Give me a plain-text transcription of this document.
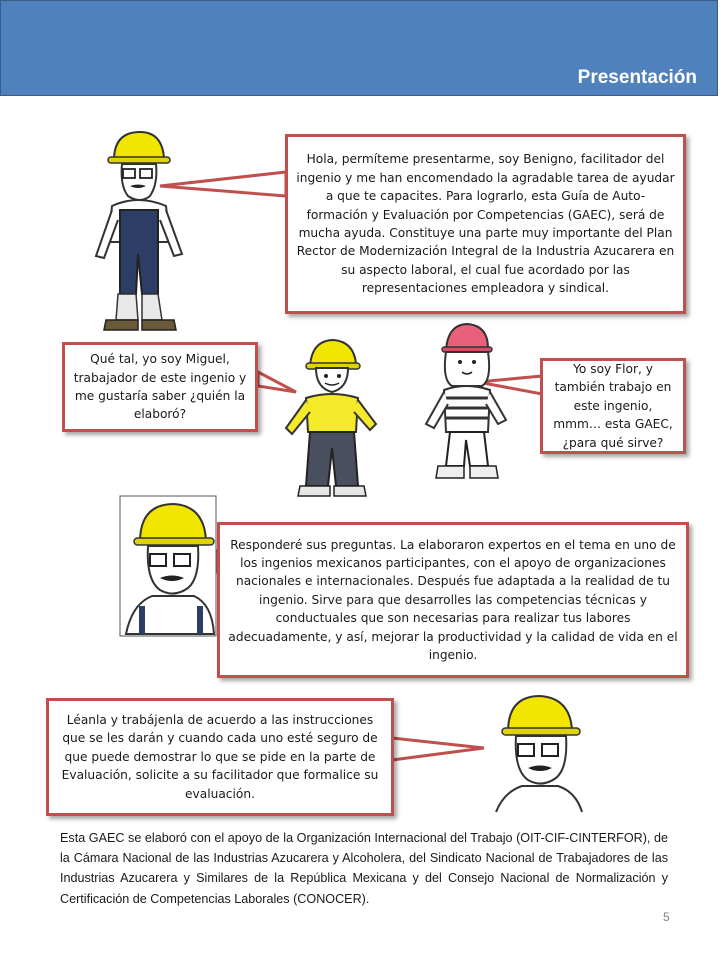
Presentación
Hola, permíteme presentarme, soy Benigno, facilitador del ingenio y me han encomendado la agradable tarea de ayudar a que te capacites. Para lograrlo, esta Guía de Auto-formación y Evaluación por Competencias (GAEC), será de mucha ayuda. Constituye una parte muy importante del Plan Rector de Modernización Integral de la Industria Azucarera en su aspecto laboral, el cual fue acordado por las representaciones empleadora y sindical.
Qué tal, yo soy Miguel, trabajador de este ingenio y me gustaría saber ¿quién la elaboró?
Yo soy Flor, y también trabajo en este ingenio, mmm… esta GAEC, ¿para qué sirve?
Responderé sus preguntas. La elaboraron expertos en el tema en uno de los ingenios mexicanos participantes, con el apoyo de organizaciones nacionales e internacionales. Después fue adaptada a la realidad de tu ingenio. Sirve para que desarrolles las competencias técnicas y conductuales que son necesarias para realizar tus labores adecuadamente, y así, mejorar la productividad y la calidad de vida en el ingenio.
Léanla y trabájenla de acuerdo a las instrucciones que se les darán y cuando cada uno esté seguro de que puede demostrar lo que se pide en la parte de Evaluación, solicite a su facilitador que formalice su evaluación.
Esta GAEC se elaboró con el apoyo de la Organización Internacional del Trabajo (OIT-CIF-CINTERFOR), de la Cámara Nacional de las Industrias Azucarera y Alcoholera, del Sindicato Nacional de Trabajadores de las Industrias Azucarera y Similares de la República Mexicana y del Consejo Nacional de Normalización y Certificación de Competencias Laborales (CONOCER).
5
